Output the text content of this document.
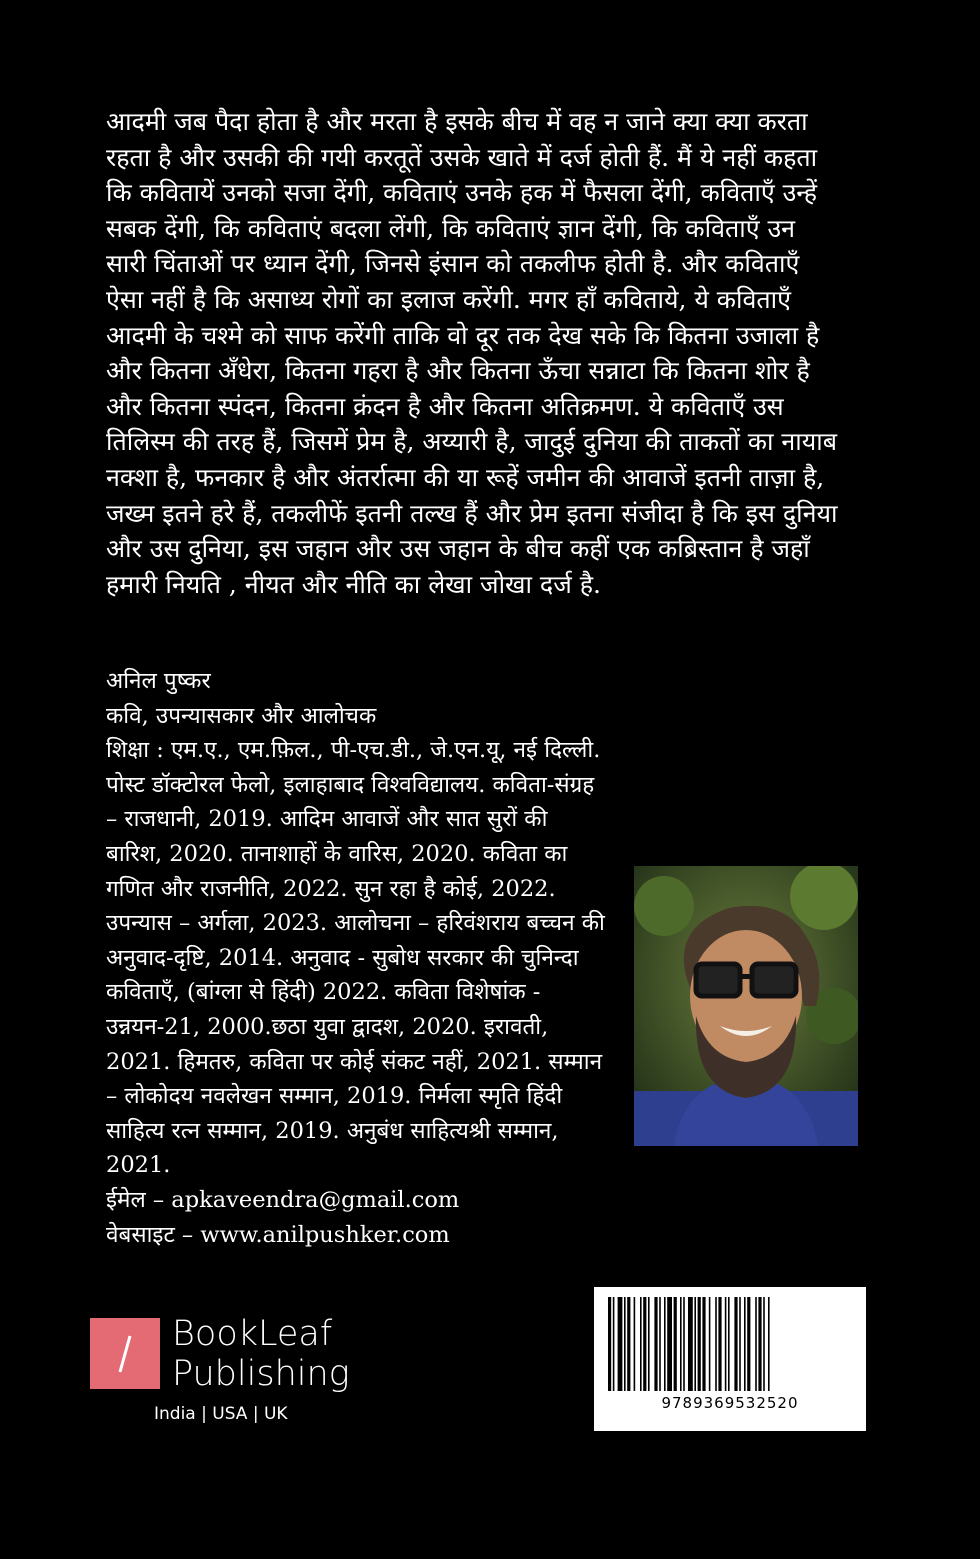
आदमी जब पैदा होता है और मरता है इसके बीच में वह न जाने क्या क्या करता रहता है और उसकी की गयी करतूतें उसके खाते में दर्ज होती हैं. मैं ये नहीं कहता कि कवितायें उनको सजा देंगी, कविताएं उनके हक में फैसला देंगी, कविताएँ उन्हें सबक देंगी, कि कविताएं बदला लेंगी, कि कविताएं ज्ञान देंगी, कि कविताएँ उन सारी चिंताओं पर ध्यान देंगी, जिनसे इंसान को तकलीफ होती है. और कविताएँ ऐसा नहीं है कि असाध्य रोगों का इलाज करेंगी. मगर हाँ कविताये, ये कविताएँ आदमी के चश्मे को साफ करेंगी ताकि वो दूर तक देख सके कि कितना उजाला है और कितना अँधेरा, कितना गहरा है और कितना ऊँचा सन्नाटा कि कितना शोर है और कितना स्पंदन, कितना क्रंदन है और कितना अतिक्रमण. ये कविताएँ उस तिलिस्म की तरह हैं, जिसमें प्रेम है, अय्यारी है, जादुई दुनिया की ताकतों का नायाब नक्शा है, फनकार है और अंतर्रात्मा की या रूहें जमीन की आवाजें इतनी ताज़ा है, जख्म इतने हरे हैं, तकलीफें इतनी तल्ख हैं और प्रेम इतना संजीदा है कि इस दुनिया और उस दुनिया, इस जहान और उस जहान के बीच कहीं एक कब्रिस्तान है जहाँ हमारी नियति , नीयत और नीति का लेखा जोखा दर्ज है.

अनिल पुष्कर

कवि, उपन्यासकार और आलोचक

शिक्षा : एम.ए., एम.फ़िल., पी-एच.डी., जे.एन.यू, नई दिल्ली. पोस्ट डॉक्टोरल फेलो, इलाहाबाद विश्वविद्यालय. कविता-संग्रह – राजधानी, 2019. आदिम आवाजें और सात सुरों की बारिश, 2020. तानाशाहों के वारिस, 2020. कविता का गणित और राजनीति, 2022. सुन रहा है कोई, 2022. उपन्यास – अर्गला, 2023. आलोचना – हरिवंशराय बच्चन की अनुवाद-दृष्टि, 2014. अनुवाद - सुबोध सरकार की चुनिन्दा कविताएँ, (बांग्ला से हिंदी) 2022. कविता विशेषांक - उन्नयन-21, 2000.छठा युवा द्वादश, 2020. इरावती, 2021. हिमतरु, कविता पर कोई संकट नहीं, 2021. सम्मान – लोकोदय नवलेखन सम्मान, 2019. निर्मला स्मृति हिंदी साहित्य रत्न सम्मान, 2019. अनुबंध साहित्यश्री सम्मान, 2021.

ईमेल – apkaveendra@gmail.com

वेबसाइट – www.anilpushker.com

9789369532520
BookLeaf
Publishing
India | USA | UK
